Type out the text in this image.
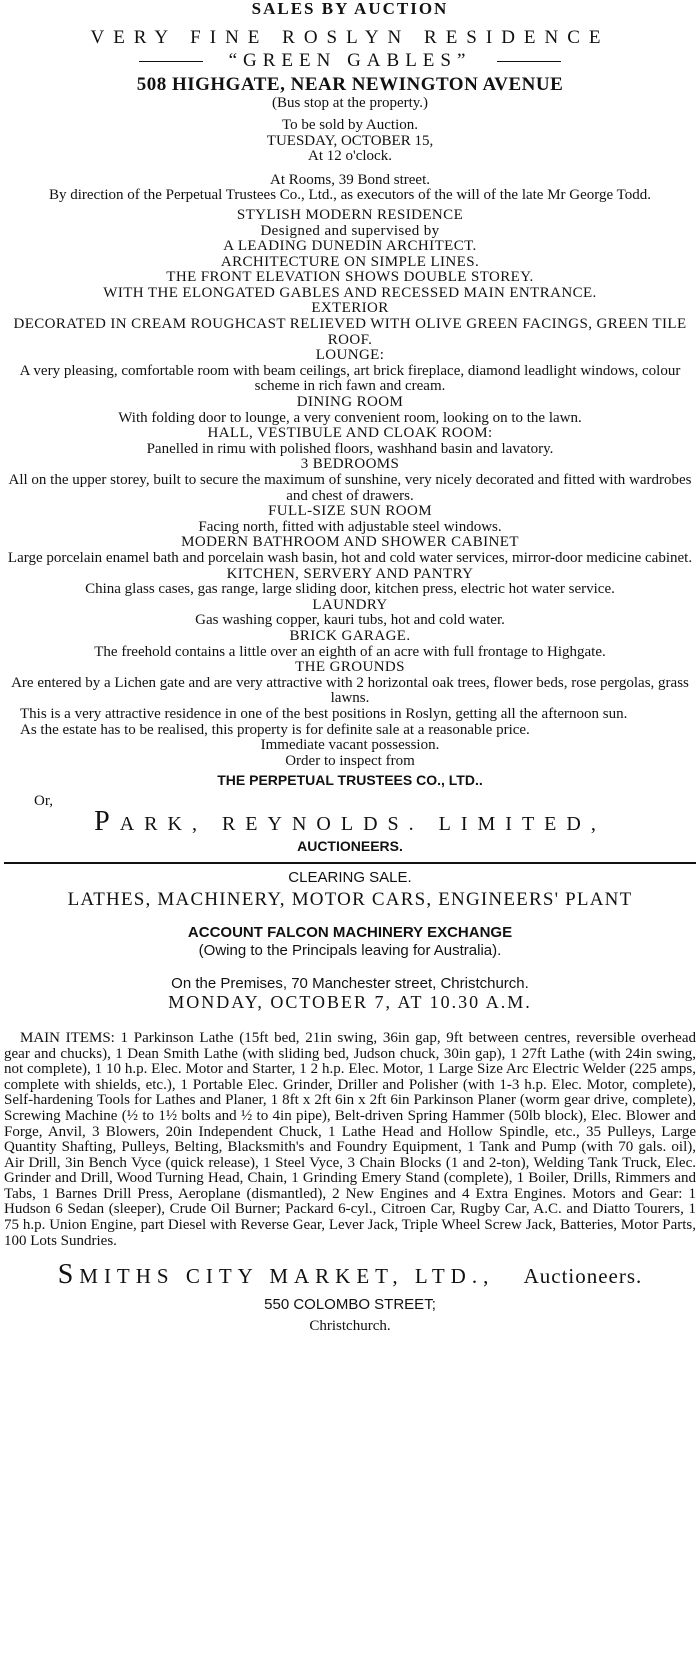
SALES BY AUCTION
VERY FINE ROSLYN RESIDENCE
“GREEN GABLES”
508 HIGHGATE, NEAR NEWINGTON AVENUE
(Bus stop at the property.)
To be sold by Auction.
TUESDAY, OCTOBER 15,
At 12 o'clock.
At Rooms, 39 Bond street.
By direction of the Perpetual Trustees Co., Ltd., as executors of the will of the late Mr George Todd.
STYLISH MODERN RESIDENCE
Designed and supervised by
A LEADING DUNEDIN ARCHITECT.
ARCHITECTURE ON SIMPLE LINES.
THE FRONT ELEVATION SHOWS DOUBLE STOREY.
WITH THE ELONGATED GABLES AND RECESSED MAIN ENTRANCE.
EXTERIOR
DECORATED IN CREAM ROUGHCAST RELIEVED WITH OLIVE GREEN FACINGS, GREEN TILE ROOF.
LOUNGE:
A very pleasing, comfortable room with beam ceilings, art brick fireplace, diamond leadlight windows, colour scheme in rich fawn and cream.
DINING ROOM
With folding door to lounge, a very convenient room, looking on to the lawn.
HALL, VESTIBULE AND CLOAK ROOM:
Panelled in rimu with polished floors, washhand basin and lavatory.
3 BEDROOMS
All on the upper storey, built to secure the maximum of sunshine, very nicely decorated and fitted with wardrobes and chest of drawers.
FULL-SIZE SUN ROOM
Facing north, fitted with adjustable steel windows.
MODERN BATHROOM AND SHOWER CABINET
Large porcelain enamel bath and porcelain wash basin, hot and cold water services, mirror-door medicine cabinet.
KITCHEN, SERVERY AND PANTRY
China glass cases, gas range, large sliding door, kitchen press, electric hot water service.
LAUNDRY
Gas washing copper, kauri tubs, hot and cold water.
BRICK GARAGE.
The freehold contains a little over an eighth of an acre with full frontage to Highgate.
THE GROUNDS
Are entered by a Lichen gate and are very attractive with 2 horizontal oak trees, flower beds, rose pergolas, grass lawns.
This is a very attractive residence in one of the best positions in Roslyn, getting all the afternoon sun.
As the estate has to be realised, this property is for definite sale at a reasonable price.
Immediate vacant possession.
Order to inspect from
THE PERPETUAL TRUSTEES CO., LTD..
Or,
PARK, REYNOLDS. LIMITED,
AUCTIONEERS.
CLEARING SALE.
LATHES, MACHINERY, MOTOR CARS, ENGINEERS' PLANT
ACCOUNT FALCON MACHINERY EXCHANGE
(Owing to the Principals leaving for Australia).
On the Premises, 70 Manchester street, Christchurch.
MONDAY, OCTOBER 7, AT 10.30 A.M.
MAIN ITEMS: 1 Parkinson Lathe (15ft bed, 21in swing, 36in gap, 9ft between centres, reversible overhead gear and chucks), 1 Dean Smith Lathe (with sliding bed, Judson chuck, 30in gap), 1 27ft Lathe (with 24in swing, not complete), 1 10 h.p. Elec. Motor and Starter, 1 2 h.p. Elec. Motor, 1 Large Size Arc Electric Welder (225 amps, complete with shields, etc.), 1 Portable Elec. Grinder, Driller and Polisher (with 1-3 h.p. Elec. Motor, complete), Self-hardening Tools for Lathes and Planer, 1 8ft x 2ft 6in x 2ft 6in Parkinson Planer (worm gear drive, complete), Screwing Machine (½ to 1½ bolts and ½ to 4in pipe), Belt-driven Spring Hammer (50lb block), Elec. Blower and Forge, Anvil, 3 Blowers, 20in Independent Chuck, 1 Lathe Head and Hollow Spindle, etc., 35 Pulleys, Large Quantity Shafting, Pulleys, Belting, Blacksmith's and Foundry Equipment, 1 Tank and Pump (with 70 gals. oil), Air Drill, 3in Bench Vyce (quick release), 1 Steel Vyce, 3 Chain Blocks (1 and 2-ton), Welding Tank Truck, Elec. Grinder and Drill, Wood Turning Head, Chain, 1 Grinding Emery Stand (complete), 1 Boiler, Drills, Rimmers and Tabs, 1 Barnes Drill Press, Aeroplane (dismantled), 2 New Engines and 4 Extra Engines. Motors and Gear: 1 Hudson 6 Sedan (sleeper), Crude Oil Burner; Packard 6-cyl., Citroen Car, Rugby Car, A.C. and Diatto Tourers, 1 75 h.p. Union Engine, part Diesel with Reverse Gear, Lever Jack, Triple Wheel Screw Jack, Batteries, Motor Parts, 100 Lots Sundries.
SMITHS CITY MARKET, LTD., Auctioneers.
550 COLOMBO STREET;
Christchurch.
